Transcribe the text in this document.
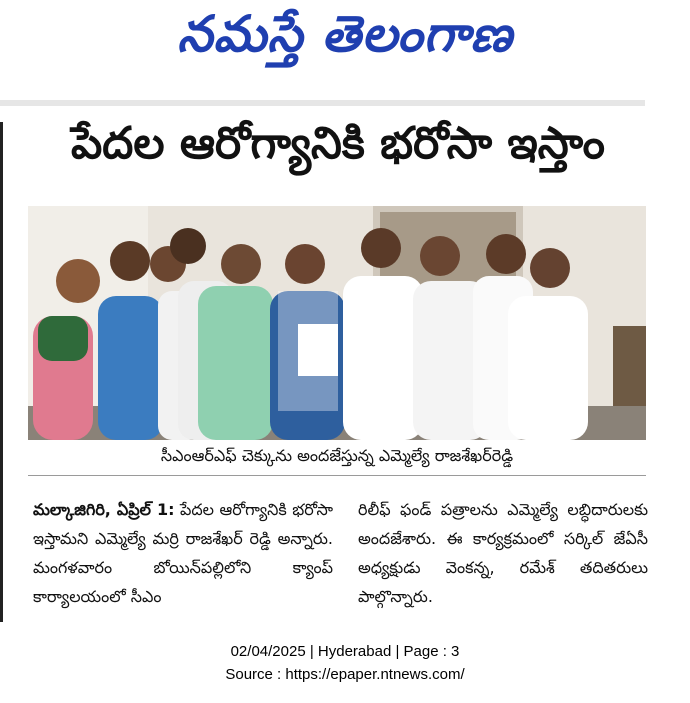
నమస్తే తెలంగాణ
పేదల ఆరోగ్యానికి భరోసా ఇస్తాం
సీఎంఆర్ఎఫ్ చెక్కును అందజేస్తున్న ఎమ్మెల్యే రాజశేఖర్‌రెడ్డి
మల్కాజిగిరి, ఏప్రిల్ 1: పేదల ఆరోగ్యానికి భరోసా ఇస్తామని ఎమ్మెల్యే మర్రి రాజశేఖర్ రెడ్డి అన్నారు. మంగళవారం బోయిన్‌పల్లిలోని క్యాంప్ కార్యాలయంలో సీఎం
రిలీఫ్ ఫండ్ పత్రాలను ఎమ్మెల్యే లబ్ధిదారులకు అందజేశారు. ఈ కార్యక్రమంలో సర్కిల్ జేఏసీ అధ్యక్షుడు వెంకన్న, రమేశ్ తదితరులు పాల్గొన్నారు.
02/04/2025 | Hyderabad | Page : 3
Source : https://epaper.ntnews.com/
